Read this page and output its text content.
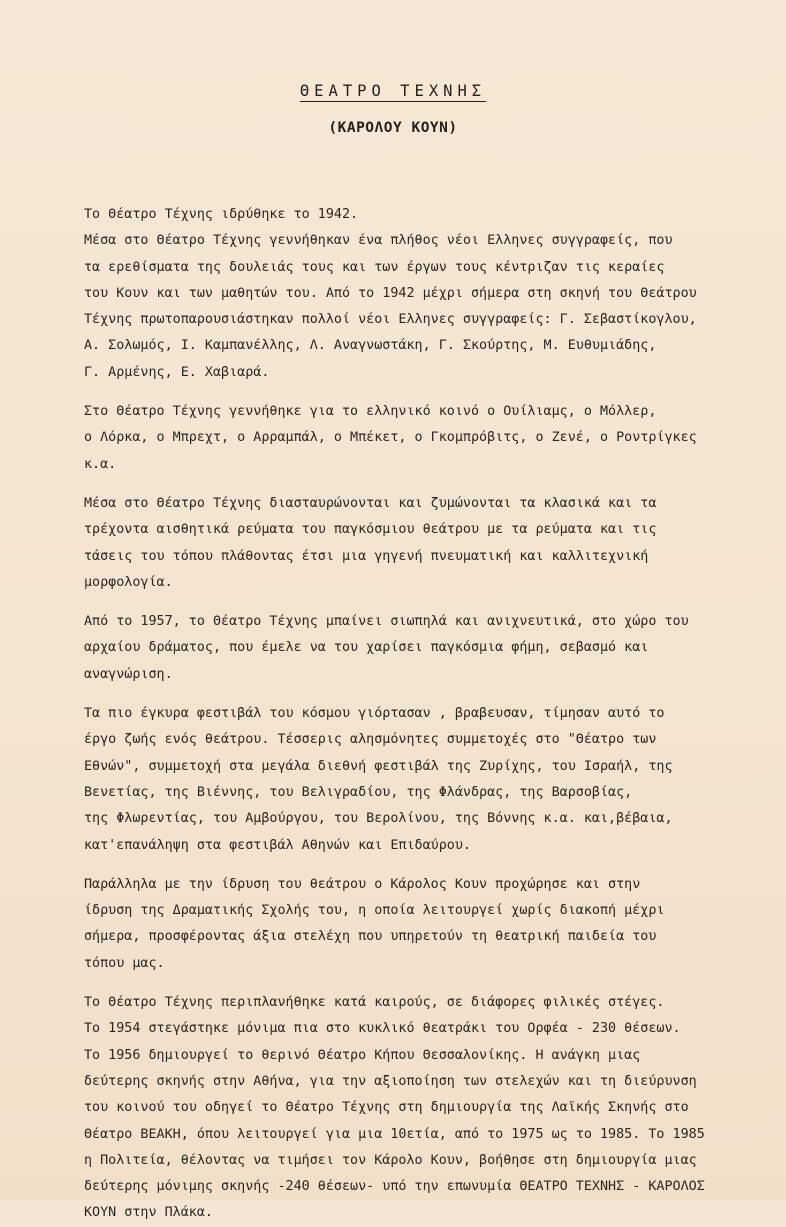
ΘΕΑΤΡΟ ΤΕΧΝΗΣ
(ΚΑΡΟΛΟΥ ΚΟΥΝ)
Το Θέατρο Τέχνης ιδρύθηκε το 1942.
Μέσα στο Θέατρο Τέχνης γεννήθηκαν ένα πλήθος νέοι Ελληνες συγγραφείς, που
τα ερεθίσματα της δουλειάς τους και των έργων τους κέντριζαν τις κεραίες
του Κουν και των μαθητών του. Από το 1942 μέχρι σήμερα στη σκηνή του Θεάτρου
Τέχνης πρωτοπαρουσιάστηκαν πολλοί νέοι Ελληνες συγγραφείς: Γ. Σεβαστίκογλου,
Α. Σολωμός, Ι. Καμπανέλλης, Λ. Αναγνωστάκη, Γ. Σκούρτης, Μ. Ευθυμιάδης,
Γ. Αρμένης, Ε. Χαβιαρά.
Στο Θέατρο Τέχνης γεννήθηκε για το ελληνικό κοινό ο Ουίλιαμς, ο Μόλλερ,
ο Λόρκα, ο Μπρεχτ, ο Αρραμπάλ, ο Μπέκετ, ο Γκομπρόβιτς, ο Ζενέ, ο Ροντρίγκες
κ.α.
Μέσα στο Θέατρο Τέχνης διασταυρώνονται και ζυμώνονται τα κλασικά και τα
τρέχοντα αισθητικά ρεύματα του παγκόσμιου θεάτρου με τα ρεύματα και τις
τάσεις του τόπου πλάθοντας έτσι μια γηγενή πνευματική και καλλιτεχνική
μορφολογία.
Από το 1957, το Θέατρο Τέχνης μπαίνει σιωπηλά και ανιχνευτικά, στο χώρο του
αρχαίου δράματος, που έμελε να του χαρίσει παγκόσμια φήμη, σεβασμό και
αναγνώριση.
Τα πιο έγκυρα φεστιβάλ του κόσμου γιόρτασαν , βραβευσαν, τίμησαν αυτό το
έργο ζωής ενός θεάτρου. Τέσσερις αλησμόνητες συμμετοχές στο "Θέατρο των
Εθνών", συμμετοχή στα μεγάλα διεθνή φεστιβάλ της Ζυρίχης, του Ισραήλ, της
Βενετίας, της Βιέννης, του Βελιγραδίου, της Φλάνδρας, της Βαρσοβίας,
της Φλωρεντίας, του Αμβούργου, του Βερολίνου, της Βόννης κ.α. και,βέβαια,
κατ'επανάληψη στα φεστιβάλ Αθηνών και Επιδαύρου.
Παράλληλα με την ίδρυση του θεάτρου ο Κάρολος Κουν προχώρησε και στην
ίδρυση της Δραματικής Σχολής του, η οποία λειτουργεί χωρίς διακοπή μέχρι
σήμερα, προσφέροντας άξια στελέχη που υπηρετούν τη θεατρική παιδεία του
τόπου μας.
Το Θέατρο Τέχνης περιπλανήθηκε κατά καιρούς, σε διάφορες φιλικές στέγες.
Το 1954 στεγάστηκε μόνιμα πια στο κυκλικό θεατράκι του Ορφέα - 230 θέσεων.
Το 1956 δημιουργεί το θερινό Θέατρο Κήπου Θεσσαλονίκης. Η ανάγκη μιας
δεύτερης σκηνής στην Αθήνα, για την αξιοποίηση των στελεχών και τη διεύρυνση
του κοινού του οδηγεί το Θέατρο Τέχνης στη δημιουργία της Λαϊκής Σκηνής στο
Θέατρο ΒΕΑΚΗ, όπου λειτουργεί για μια 10ετία, από το 1975 ως το 1985. Το 1985
η Πολιτεία, θέλοντας να τιμήσει τον Κάρολο Κουν, βοήθησε στη δημιουργία μιας
δεύτερης μόνιμης σκηνής -240 θέσεων- υπό την επωνυμία ΘΕΑΤΡΟ ΤΕΧΝΗΣ - ΚΑΡΟΛΟΣ
ΚΟΥΝ στην Πλάκα.
